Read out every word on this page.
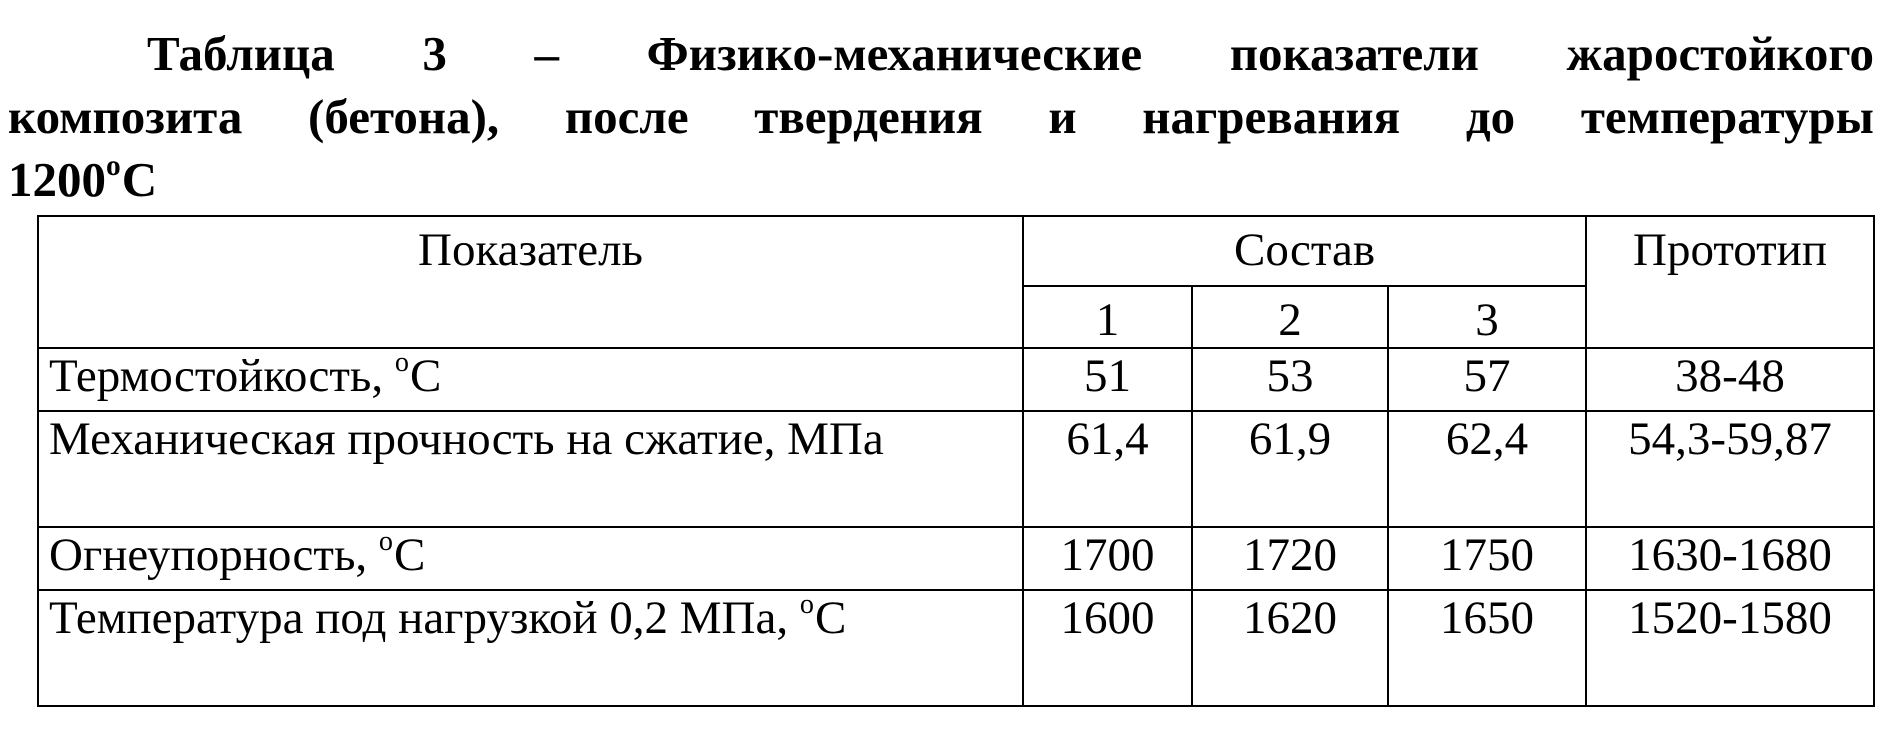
Таблица 3 – Физико-механические показатели жаростойкого
композита (бетона), после твердения и нагревания до температуры
1200$^o$С
Показатель	Состав			Прототип
	1	2	3	
Термостойкость, $^o$С	51	53	57	38-48
Механическая прочность на сжатие, МПа	61,4	61,9	62,4	54,3-59,87
Огнеупорность, $^o$С	1700	1720	1750	1630-1680
Температура под нагрузкой 0,2 МПа, $^o$С	1600	1620	1650	1520-1580
